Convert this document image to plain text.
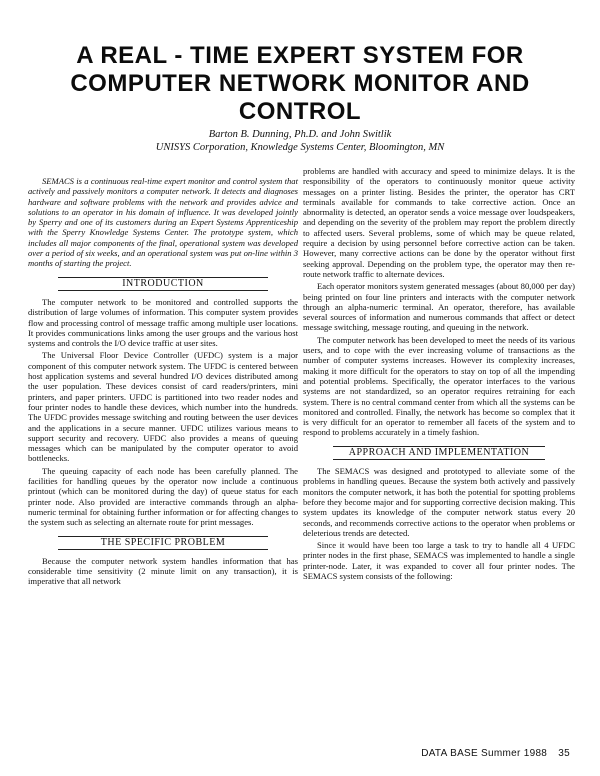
A REAL - TIME EXPERT SYSTEM FOR
COMPUTER NETWORK MONITOR AND
CONTROL
Barton B. Dunning, Ph.D. and John Switlik
UNISYS Corporation, Knowledge Systems Center, Bloomington, MN

SEMACS is a continuous real-time expert monitor and control system that actively and passively monitors a computer network. It detects and diagnoses hardware and software problems with the network and provides advice and solutions to an operator in his domain of influence. It was developed jointly by Sperry and one of its customers during an Expert Systems Apprenticeship with the Sperry Knowledge Systems Center. The prototype system, which includes all major components of the final, operational system was developed over a period of six weeks, and an operational system was put on-line within 3 months of starting the project.

INTRODUCTION

The computer network to be monitored and controlled supports the distribution of large volumes of information. This computer system provides flow and processing control of message traffic among multiple user locations. It provides communications links among the user groups and the various host systems and controls the I/O device traffic at user sites.

The Universal Floor Device Controller (UFDC) system is a major component of this computer network system. The UFDC is centered between host application systems and several hundred I/O devices distributed among the user population. These devices consist of card readers/printers, mini printers, and paper printers. UFDC is partitioned into two reader nodes and four printer nodes to handle these devices, which number into the hundreds. The UFDC provides message switching and routing between the user devices and the applications in a secure manner. UFDC utilizes various means to support security and recovery. UFDC also provides a means of queuing messages which can be manipulated by the computer operator to avoid bottlenecks.

The queuing capacity of each node has been carefully planned. The facilities for handling queues by the operator now include a continuous printout (which can be monitored during the day) of queue status for each printer node. Also provided are interactive commands through an alpha-numeric terminal for obtaining further information or for affecting changes to the system such as selecting an alternate route for print messages.

THE SPECIFIC PROBLEM

Because the computer network system handles information that has considerable time sensitivity (2 minute limit on any transaction), it is imperative that all network

problems are handled with accuracy and speed to minimize delays. It is the responsibility of the operators to continuously monitor queue activity messages on a printer listing. Besides the printer, the operator has CRT terminals available for commands to take corrective action. Once an abnormality is detected, an operator sends a voice message over loudspeakers, and depending on the severity of the problem may report the problem directly to affected users. Several problems, some of which may be queue related, require a decision by using personnel before corrective action can be taken. However, many corrective actions can be done by the operator without first seeking approval. Depending on the problem type, the operator may then re-route network traffic to alternate devices.

Each operator monitors system generated messages (about 80,000 per day) being printed on four line printers and interacts with the computer network through an alpha-numeric terminal. An operator, therefore, has available several sources of information and numerous commands that affect or detect message switching, message routing, and queuing in the network.

The computer network has been developed to meet the needs of its various users, and to cope with the ever increasing volume of transactions as the number of computer systems increases. However its complexity increases, making it more difficult for the operators to stay on top of all the impending and potential problems. Specifically, the operator interfaces to the various systems are not standardized, so an operator requires retraining for each system. There is no central command center from which all the systems can be monitored and controlled. Finally, the network has become so complex that it is very difficult for an operator to remember all facets of the system and to respond to problems accurately in a timely fashion.

APPROACH AND IMPLEMENTATION

The SEMACS was designed and prototyped to alleviate some of the problems in handling queues. Because the system both actively and passively monitors the computer network, it has both the potential for spotting problems before they become major and for supporting corrective decision making. This system updates its knowledge of the computer network status every 20 seconds, and recommends corrective actions to the operator when problems or deleterious trends are detected.

Since it would have been too large a task to try to handle all 4 UFDC printer nodes in the first phase, SEMACS was implemented to handle a single printer-node. Later, it was expanded to cover all four printer nodes. The SEMACS system consists of the following:

DATA BASE Summer 1988 35
